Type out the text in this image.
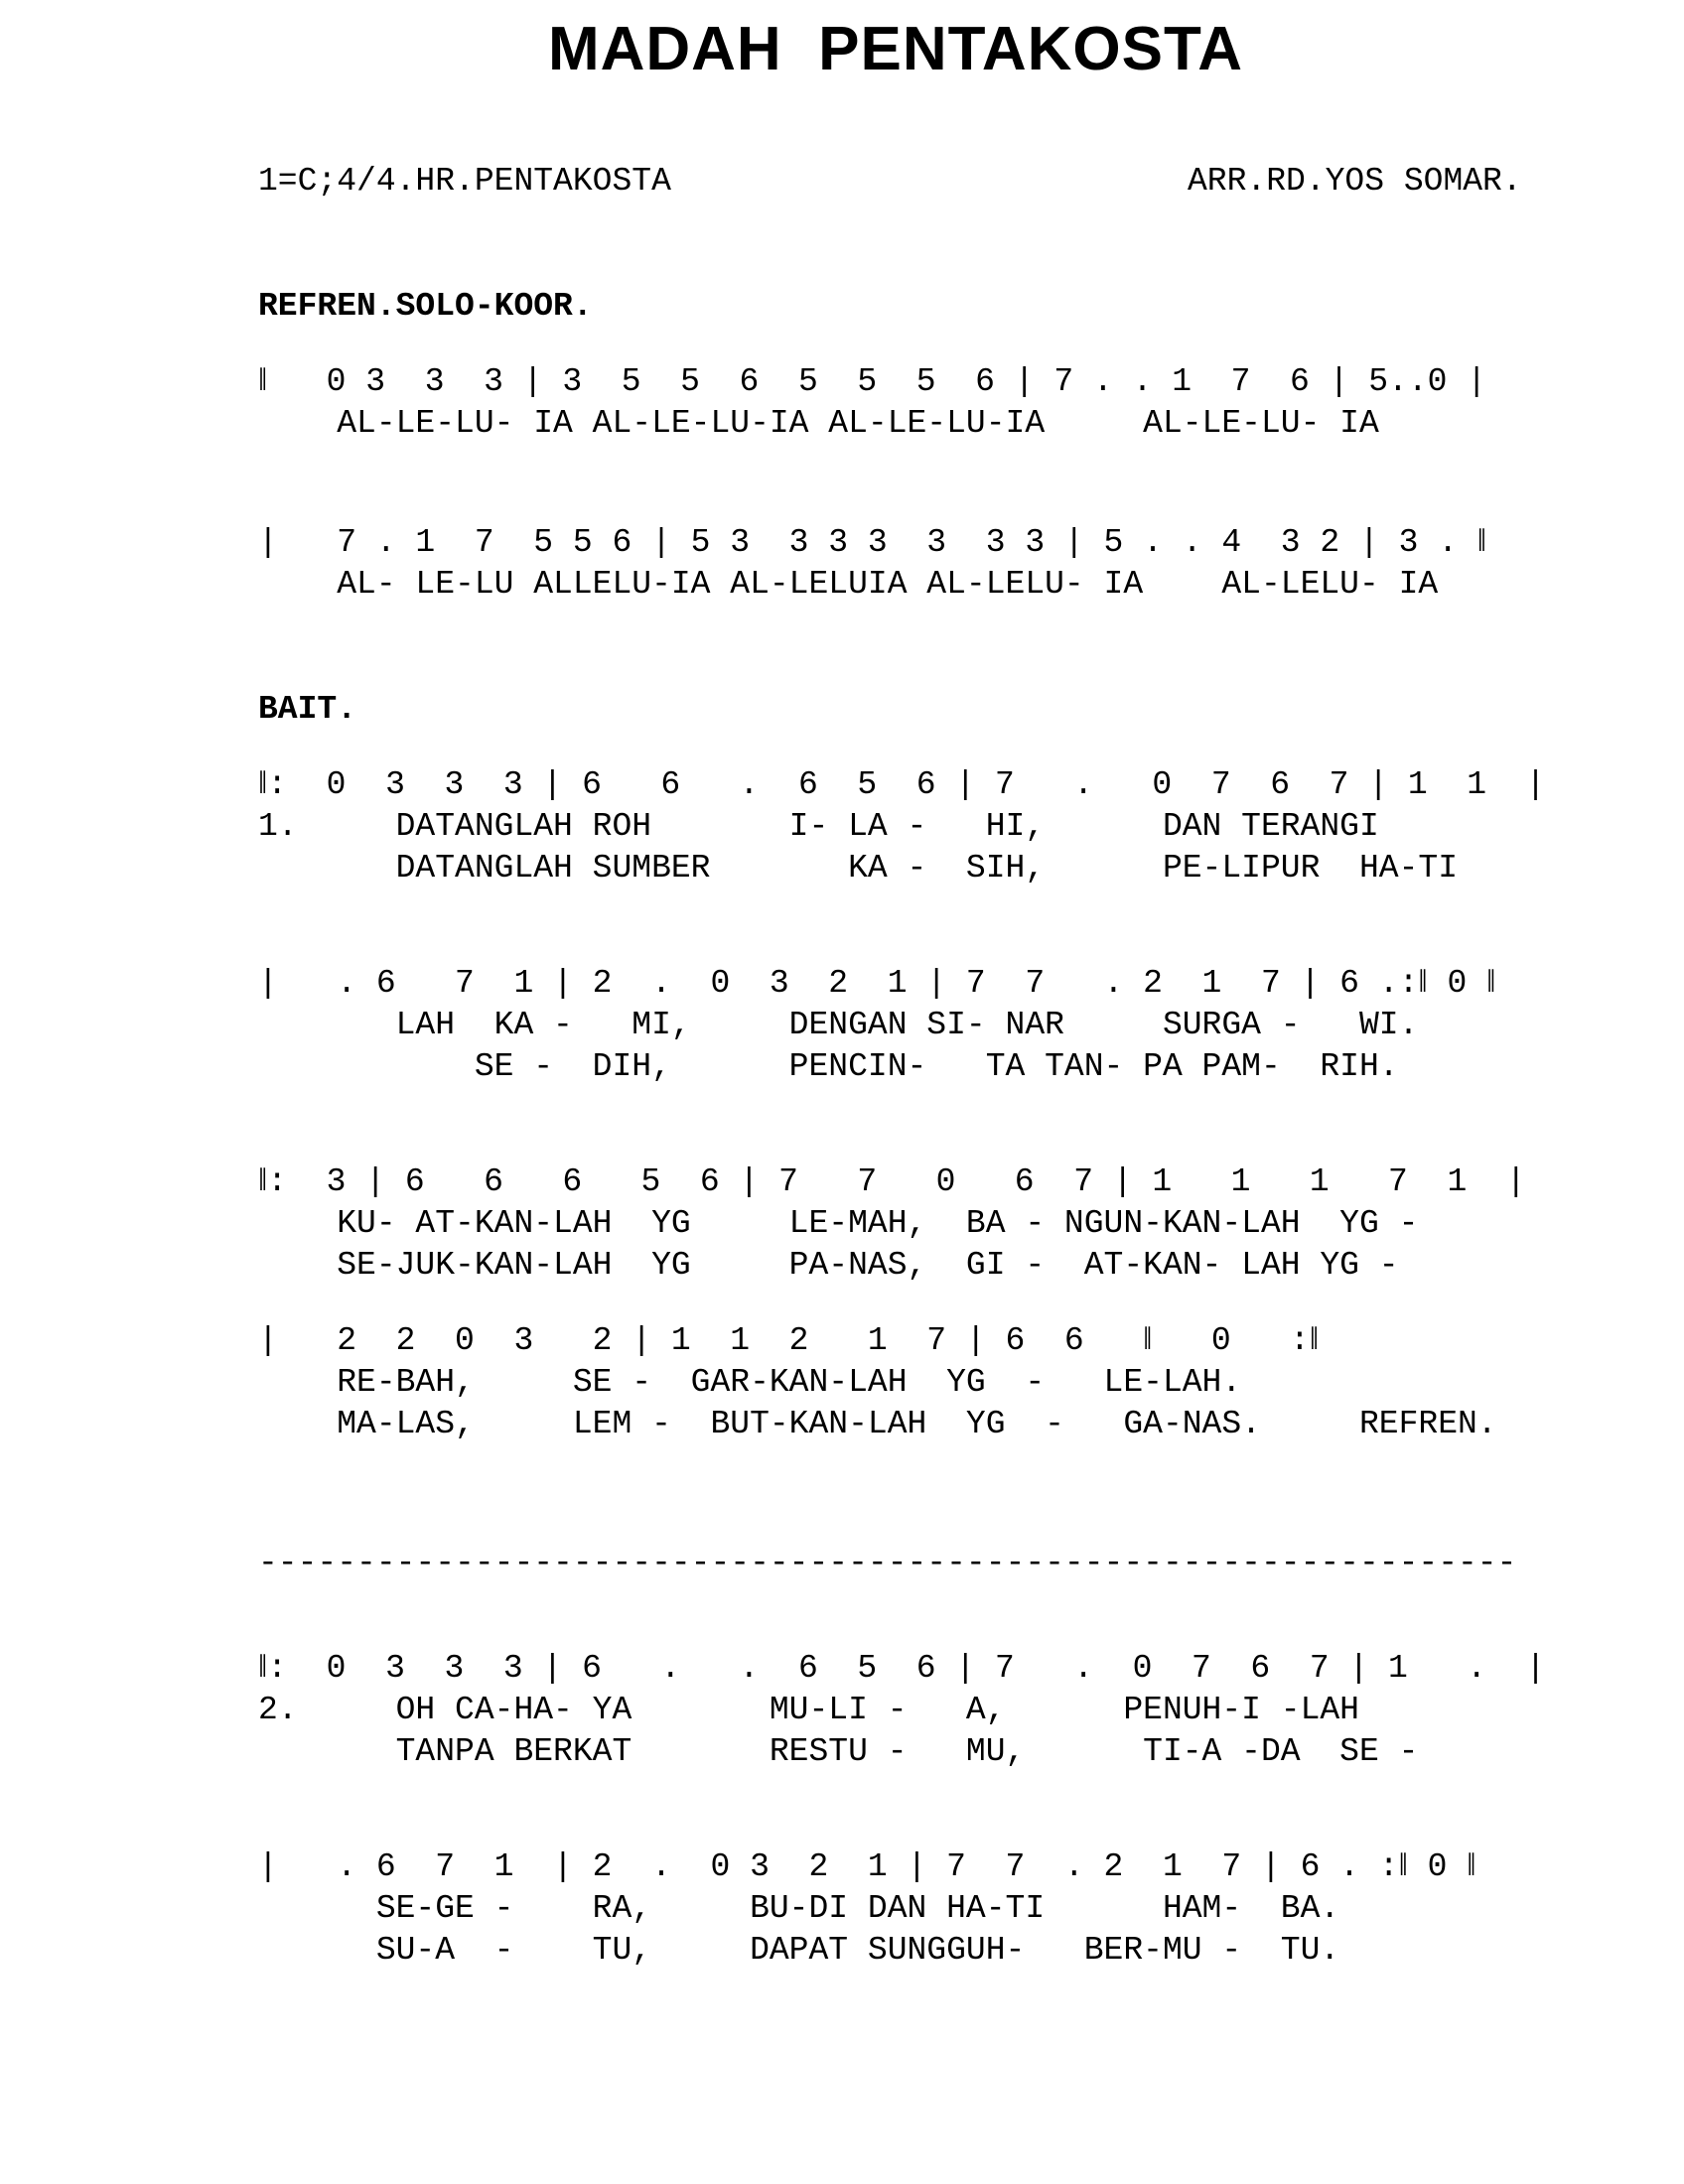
MADAH  PENTAKOSTA
1=C;4/4.HR.PENTAKOSTA	ARR.RD.YOS SOMAR.
REFREN.SOLO-KOOR.
‖   0 3  3  3 | 3  5  5  6  5  5  5  6 | 7 . . 1  7  6 | 5..0 |
AL-LE-LU- IA AL-LE-LU-IA AL-LE-LU-IA     AL-LE-LU- IA
|   7 . 1  7  5 5 6 | 5 3  3 3 3  3  3 3 | 5 . . 4  3 2 | 3 . ‖
AL- LE-LU ALLELU-IA AL-LELUIA AL-LELU- IA    AL-LELU- IA
BAIT.
‖:  0  3  3  3 | 6   6   .  6  5  6 | 7   .   0  7  6  7 | 1  1  |
1.     DATANGLAH ROH       I- LA -   HI,      DAN TERANGI
DATANGLAH SUMBER       KA -  SIH,      PE-LIPUR  HA-TI
|   . 6   7  1 | 2  .  0  3  2  1 | 7  7   . 2  1  7 | 6 .:‖ 0 ‖
LAH  KA -   MI,     DENGAN SI- NAR     SURGA -   WI.
SE -  DIH,      PENCIN-   TA TAN- PA PAM-  RIH.
‖:  3 | 6   6   6   5  6 | 7   7   0   6  7 | 1   1   1   7  1  |
KU- AT-KAN-LAH  YG     LE-MAH,  BA - NGUN-KAN-LAH  YG -
SE-JUK-KAN-LAH  YG     PA-NAS,  GI -  AT-KAN- LAH YG -
|   2  2  0  3   2 | 1  1  2   1  7 | 6  6   ‖   0   :‖
RE-BAH,     SE -  GAR-KAN-LAH  YG  -   LE-LAH.
MA-LAS,     LEM -  BUT-KAN-LAH  YG  -   GA-NAS.     REFREN.
----------------------------------------------------------------
‖:  0  3  3  3 | 6   .   .  6  5  6 | 7   .  0  7  6  7 | 1   .  |
2.     OH CA-HA- YA       MU-LI -   A,      PENUH-I -LAH
TANPA BERKAT       RESTU -   MU,      TI-A -DA  SE -
|   . 6  7  1  | 2  .  0 3  2  1 | 7  7  . 2  1  7 | 6 . :‖ 0 ‖
SE-GE -    RA,     BU-DI DAN HA-TI      HAM-  BA.
SU-A  -    TU,     DAPAT SUNGGUH-   BER-MU -  TU.
